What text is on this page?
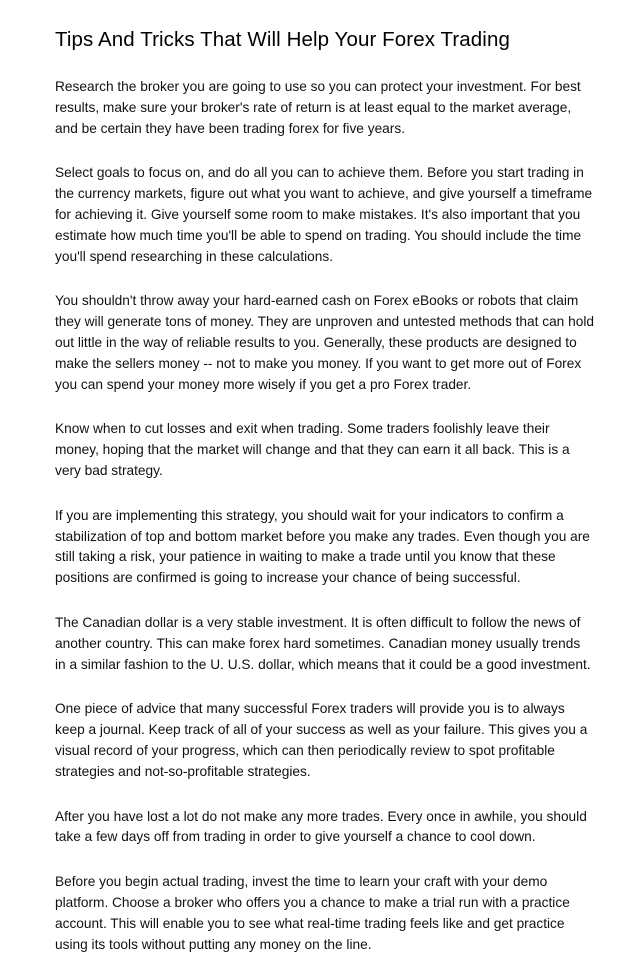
Tips And Tricks That Will Help Your Forex Trading

Research the broker you are going to use so you can protect your investment. For best results, make sure your broker's rate of return is at least equal to the market average, and be certain they have been trading forex for five years.

Select goals to focus on, and do all you can to achieve them. Before you start trading in the currency markets, figure out what you want to achieve, and give yourself a timeframe for achieving it. Give yourself some room to make mistakes. It's also important that you estimate how much time you'll be able to spend on trading. You should include the time you'll spend researching in these calculations.

You shouldn't throw away your hard-earned cash on Forex eBooks or robots that claim they will generate tons of money. They are unproven and untested methods that can hold out little in the way of reliable results to you. Generally, these products are designed to make the sellers money -- not to make you money. If you want to get more out of Forex you can spend your money more wisely if you get a pro Forex trader.

Know when to cut losses and exit when trading. Some traders foolishly leave their money, hoping that the market will change and that they can earn it all back. This is a very bad strategy.

If you are implementing this strategy, you should wait for your indicators to confirm a stabilization of top and bottom market before you make any trades. Even though you are still taking a risk, your patience in waiting to make a trade until you know that these positions are confirmed is going to increase your chance of being successful.

The Canadian dollar is a very stable investment. It is often difficult to follow the news of another country. This can make forex hard sometimes. Canadian money usually trends in a similar fashion to the U. U.S. dollar, which means that it could be a good investment.

One piece of advice that many successful Forex traders will provide you is to always keep a journal. Keep track of all of your success as well as your failure. This gives you a visual record of your progress, which can then periodically review to spot profitable strategies and not-so-profitable strategies.

After you have lost a lot do not make any more trades. Every once in awhile, you should take a few days off from trading in order to give yourself a chance to cool down.

Before you begin actual trading, invest the time to learn your craft with your demo platform. Choose a broker who offers you a chance to make a trial run with a practice account. This will enable you to see what real-time trading feels like and get practice using its tools without putting any money on the line.
